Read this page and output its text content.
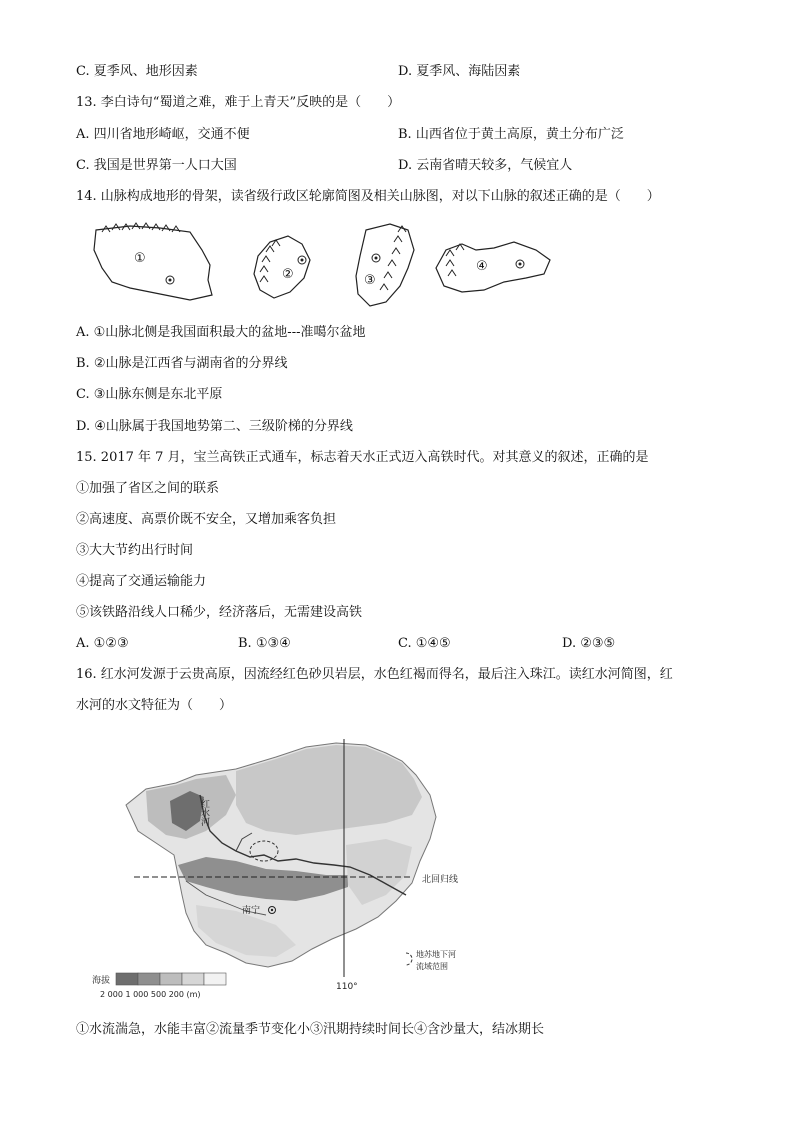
C. 夏季风、地形因素	D. 夏季风、海陆因素
13. 李白诗句“蜀道之难，难于上青天”反映的是（　　）
A. 四川省地形崎岖，交通不便	B. 山西省位于黄土高原，黄土分布广泛
C. 我国是世界第一人口大国	D. 云南省晴天较多，气候宜人
14. 山脉构成地形的骨架，读省级行政区轮廓简图及相关山脉图，对以下山脉的叙述正确的是（　　）
①
②	③
④
A. ①山脉北侧是我国面积最大的盆地---准噶尔盆地
B. ②山脉是江西省与湖南省的分界线
C. ③山脉东侧是东北平原
D. ④山脉属于我国地势第二、三级阶梯的分界线
15. 2017 年 7 月，宝兰高铁正式通车，标志着天水正式迈入高铁时代。对其意义的叙述，正确的是
①加强了省区之间的联系
②高速度、高票价既不安全，又增加乘客负担
③大大节约出行时间
④提高了交通运输能力
⑤该铁路沿线人口稀少，经济落后，无需建设高铁
A. ①②③	B. ①③④	C. ①④⑤	D. ②③⑤
16. 红水河发源于云贵高原，因流经红色砂贝岩层，水色红褐而得名，最后注入珠江。读红水河简图，红
水河的水文特征为（　　）
红水河
北回归线
110°
南宁
海拔
2 000 1 000 500 200 (m)
地苏地下河
流域范围
①水流湍急，水能丰富②流量季节变化小③汛期持续时间长④含沙量大，结冰期长
